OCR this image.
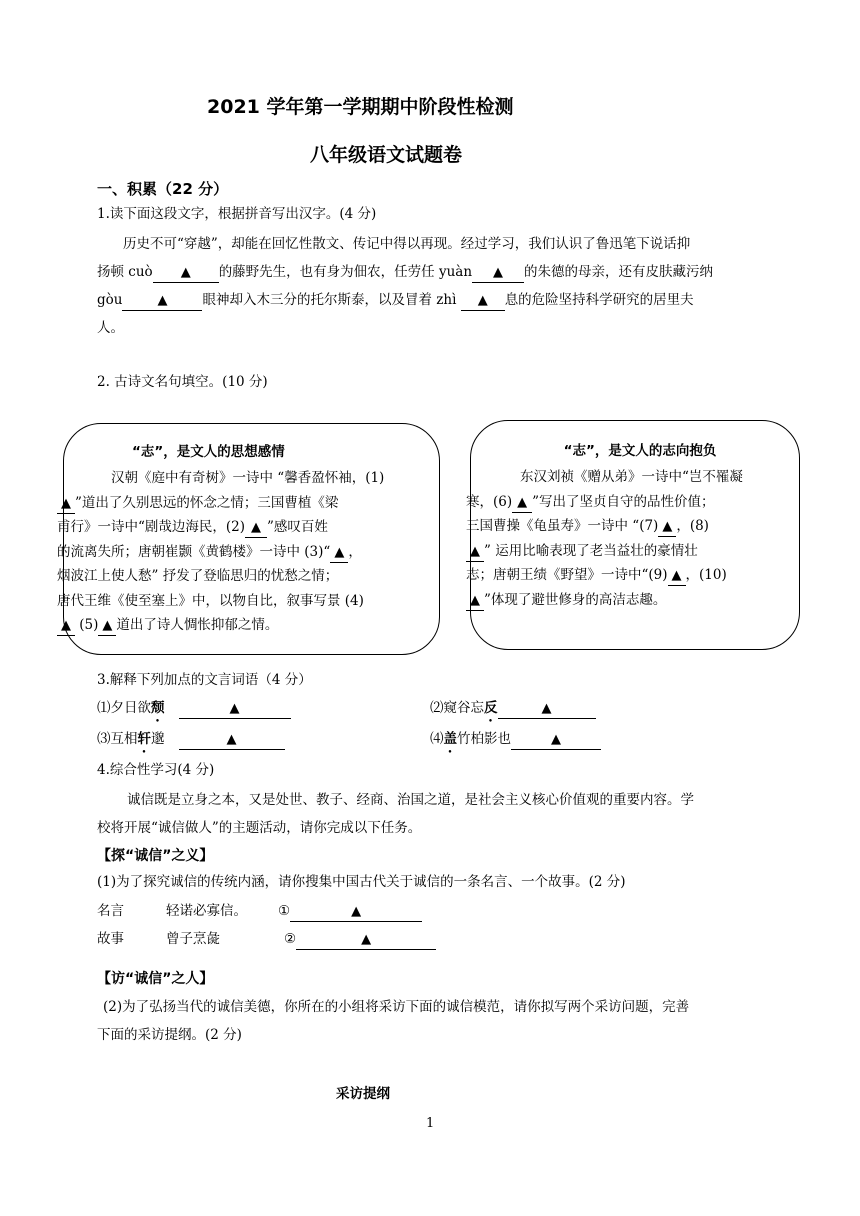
2021 学年第一学期期中阶段性检测
八年级语文试题卷
一、积累（22 分）
1.读下面这段文字，根据拼音写出汉字。(4 分)
历史不可“穿越”，却能在回忆性散文、传记中得以再现。经过学习，我们认识了鲁迅笔下说话抑
扬顿 cuò ▲ 的藤野先生，也有身为佃农，任劳任 yuàn ▲ 的朱德的母亲，还有皮肤藏污纳
gòu	▲	眼神却入木三分的托尔斯泰，以及冒着 zhì ▲ 息的危险坚持科学研究的居里夫
人。
2. 古诗文名句填空。(10 分)
“志”，是文人的思想感情
汉朝《庭中有奇树》一诗中 “馨香盈怀袖，(1)
▲ ”道出了久别思远的怀念之情；三国曹植《梁
甫行》一诗中“剧哉边海民，(2) ▲ ”感叹百姓
的流离失所；唐朝崔颢《黄鹤楼》一诗中 (3)“ ▲ ，
烟波江上使人愁” 抒发了登临思归的忧愁之情；
唐代王维《使至塞上》中，以物自比，叙事写景 (4)
▲ (5) ▲ 道出了诗人惆怅抑郁之情。
“志”，是文人的志向抱负
东汉刘祯《赠从弟》一诗中“岂不罹凝
寒，(6) ▲ ”写出了坚贞自守的品性价值；
三国曹操《龟虽寿》一诗中 “(7) ▲ ，(8)
▲ ” 运用比喻表现了老当益壮的豪情壮
志；唐朝王绩《野望》一诗中“(9) ▲ ，(10)
▲ ”体现了避世修身的高洁志趣。
3.解释下列加点的文言词语（4 分）
⑴夕日欲颓	▲	⑵窥谷忘反	▲
⑶互相轩邈	▲	⑷盖竹柏影也	▲
4.综合性学习(4 分)
诚信既是立身之本，又是处世、教子、经商、治国之道，是社会主义核心价值观的重要内容。学
校将开展“诚信做人”的主题活动，请你完成以下任务。
【探“诚信”之义】
(1)为了探究诚信的传统内涵，请你搜集中国古代关于诚信的一条名言、一个故事。(2 分)
名言	轻诺必寡信。 ①	▲
故事	曾子烹彘	②	▲
【访“诚信”之人】
(2)为了弘扬当代的诚信美德，你所在的小组将采访下面的诚信模范，请你拟写两个采访问题，完善
下面的采访提纲。(2 分)
采访提纲
1
